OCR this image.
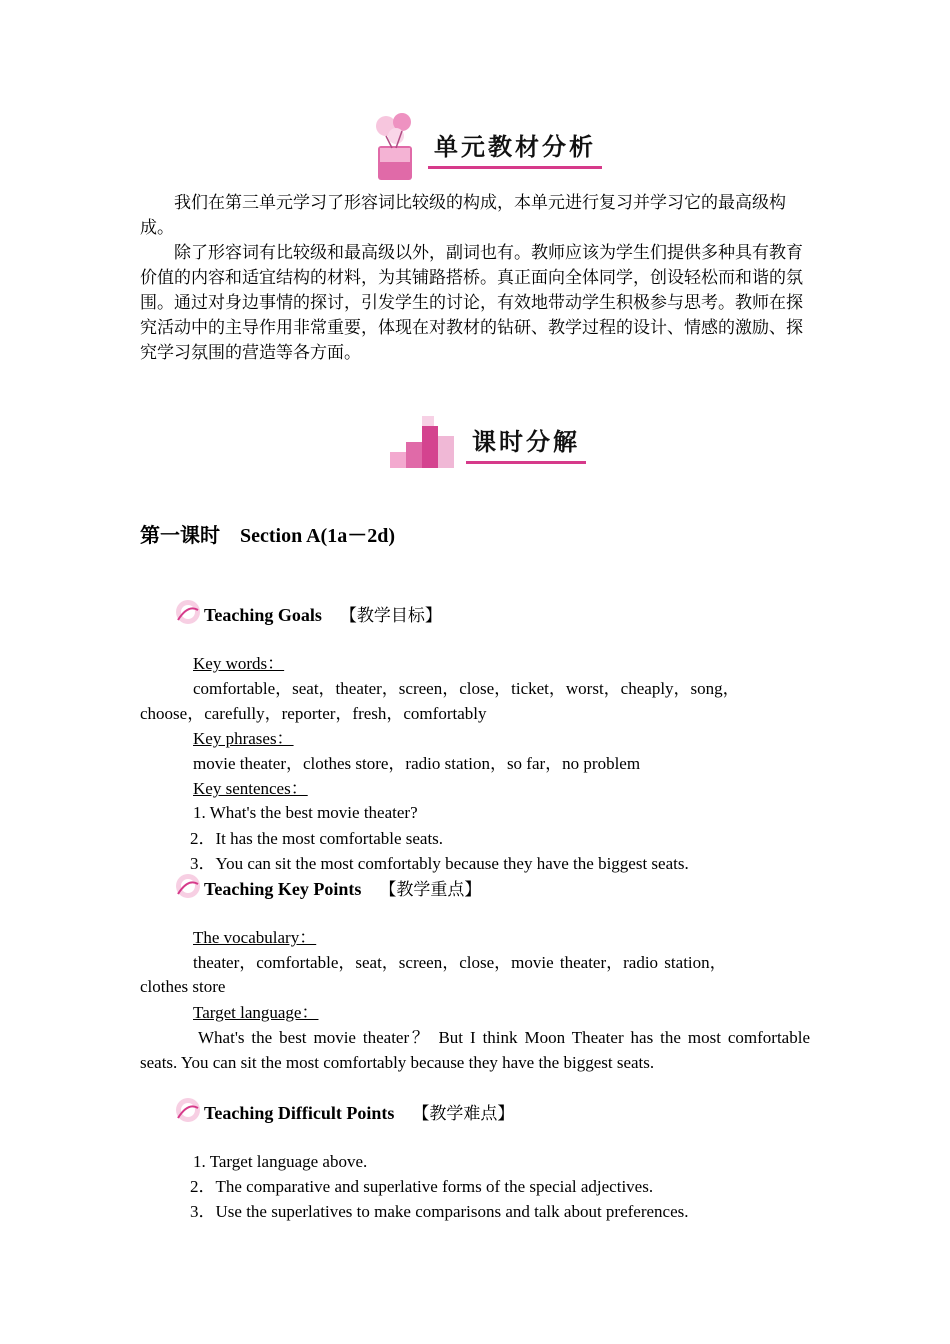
单元教材分析

我们在第三单元学习了形容词比较级的构成，本单元进行复习并学习它的最高级构成。

除了形容词有比较级和最高级以外，副词也有。教师应该为学生们提供多种具有教育价值的内容和适宜结构的材料，为其铺路搭桥。真正面向全体同学，创设轻松而和谐的氛围。通过对身边事情的探讨，引发学生的讨论，有效地带动学生积极参与思考。教师在探究活动中的主导作用非常重要，体现在对教材的钻研、教学过程的设计、情感的激励、探究学习氛围的营造等各方面。

课时分解
第一课时　Section A(1a－2d)
Teaching Goals 【教学目标】
Key words：
comfortable，seat，theater，screen，close，ticket，worst，cheaply，song，
choose，carefully，reporter，fresh，comfortably
Key phrases：
movie theater，clothes store，radio station，so far，no problem
Key sentences：
1. What's the best movie theater?
2．It has the most comfortable seats.
3．You can sit the most comfortably because they have the biggest seats.
Teaching Key Points 【教学重点】
The vocabulary：
theater，comfortable，seat，screen，close，movie theater，radio station，
clothes store
Target language：
What's the best movie theater？ But I think Moon Theater has the most comfortable seats. You can sit the most comfortably because they have the biggest seats.
Teaching Difficult Points 【教学难点】
1. Target language above.
2．The comparative and superlative forms of the special adjectives.
3．Use the superlatives to make comparisons and talk about preferences.
